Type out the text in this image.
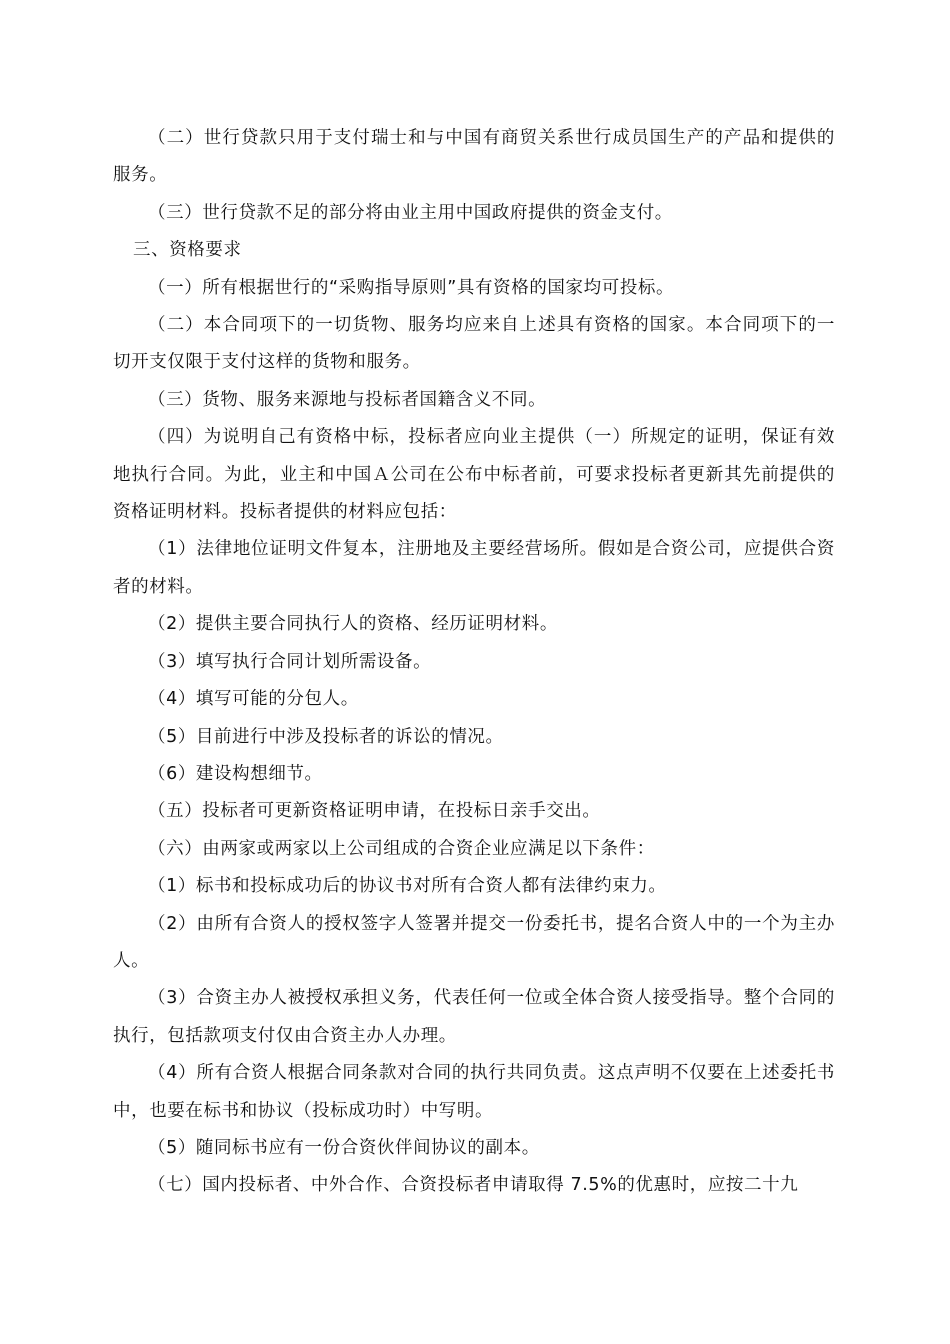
（二）世行贷款只用于支付瑞士和与中国有商贸关系世行成员国生产的产品和提供的服务。

（三）世行贷款不足的部分将由业主用中国政府提供的资金支付。

三、资格要求

（一）所有根据世行的“采购指导原则”具有资格的国家均可投标。

（二）本合同项下的一切货物、服务均应来自上述具有资格的国家。本合同项下的一切开支仅限于支付这样的货物和服务。

（三）货物、服务来源地与投标者国籍含义不同。

（四）为说明自己有资格中标，投标者应向业主提供（一）所规定的证明，保证有效地执行合同。为此，业主和中国Ａ公司在公布中标者前，可要求投标者更新其先前提供的资格证明材料。投标者提供的材料应包括：

（1）法律地位证明文件复本，注册地及主要经营场所。假如是合资公司，应提供合资者的材料。

（2）提供主要合同执行人的资格、经历证明材料。

（3）填写执行合同计划所需设备。

（4）填写可能的分包人。

（5）目前进行中涉及投标者的诉讼的情况。

（6）建设构想细节。

（五）投标者可更新资格证明申请，在投标日亲手交出。

（六）由两家或两家以上公司组成的合资企业应满足以下条件：

（1）标书和投标成功后的协议书对所有合资人都有法律约束力。

（2）由所有合资人的授权签字人签署并提交一份委托书，提名合资人中的一个为主办人。

（3）合资主办人被授权承担义务，代表任何一位或全体合资人接受指导。整个合同的执行，包括款项支付仅由合资主办人办理。

（4）所有合资人根据合同条款对合同的执行共同负责。这点声明不仅要在上述委托书中，也要在标书和协议（投标成功时）中写明。

（5）随同标书应有一份合资伙伴间协议的副本。

（七）国内投标者、中外合作、合资投标者申请取得 7.5%的优惠时，应按二十九
